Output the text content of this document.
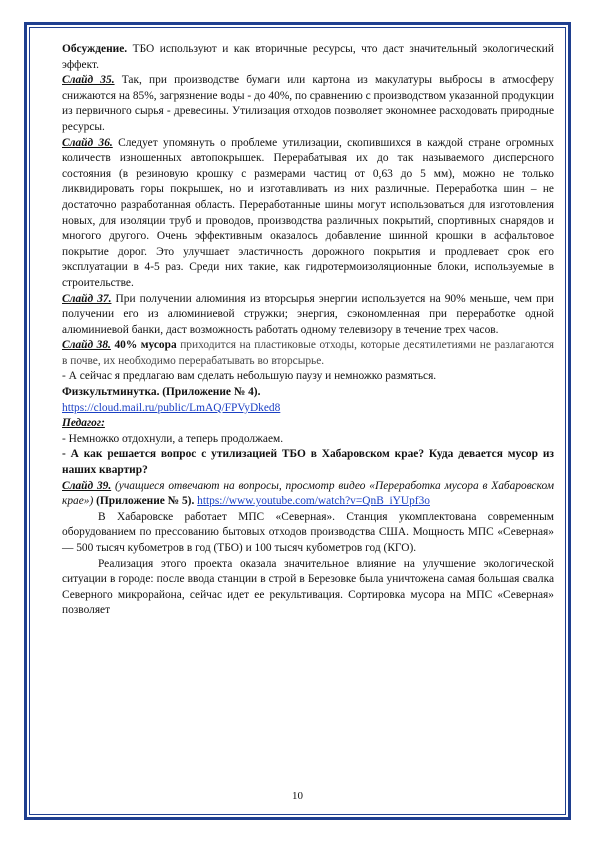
Обсуждение. ТБО используют и как вторичные ресурсы, что даст значительный экологический эффект.

Слайд 35. Так, при производстве бумаги или картона из макулатуры выбросы в атмосферу снижаются на 85%, загрязнение воды - до 40%, по сравнению с производством указанной продукции из первичного сырья - древесины. Утилизация отходов позволяет экономнее расходовать природные ресурсы.

Слайд 36. Следует упомянуть о проблеме утилизации, скопившихся в каждой стране огромных количеств изношенных автопокрышек. Перерабатывая их до так называемого дисперсного состояния (в резиновую крошку с размерами частиц от 0,63 до 5 мм), можно не только ликвидировать горы покрышек, но и изготавливать из них различные. Переработка шин – не достаточно разработанная область. Переработанные шины могут использоваться для изготовления новых, для изоляции труб и проводов, производства различных покрытий, спортивных снарядов и многого другого. Очень эффективным оказалось добавление шинной крошки в асфальтовое покрытие дорог. Это улучшает эластичность дорожного покрытия и продлевает срок его эксплуатации в 4-5 раз. Среди них такие, как гидротермоизоляционные блоки, используемые в строительстве.

Слайд 37. При получении алюминия из вторсырья энергии используется на 90% меньше, чем при получении его из алюминиевой стружки; энергия, сэкономленная при переработке одной алюминиевой банки, даст возможность работать одному телевизору в течение трех часов.

Слайд 38. 40% мусора приходится на пластиковые отходы, которые десятилетиями не разлагаются в почве, их необходимо перерабатывать во вторсырье.

- А сейчас я предлагаю вам сделать небольшую паузу и немножко размяться.

Физкультминутка. (Приложение № 4).
https://cloud.mail.ru/public/LmAQ/FPVyDked8

Педагог:

- Немножко отдохнули, а теперь продолжаем.

- А как решается вопрос с утилизацией ТБО в Хабаровском крае? Куда девается мусор из наших квартир?

Слайд 39. (учащиеся отвечают на вопросы, просмотр видео «Переработка мусора в Хабаровском крае») (Приложение № 5). https://www.youtube.com/watch?v=QnB_iYUpf3o

В Хабаровске работает МПС «Северная». Станция укомплектована современным оборудованием по прессованию бытовых отходов производства США. Мощность МПС «Северная» — 500 тысяч кубометров в год (ТБО) и 100 тысяч кубометров год (КГО).

Реализация этого проекта оказала значительное влияние на улучшение экологической ситуации в городе: после ввода станции в строй в Березовке была уничтожена самая большая свалка Северного микрорайона, сейчас идет ее рекультивация. Сортировка мусора на МПС «Северная» позволяет

10
